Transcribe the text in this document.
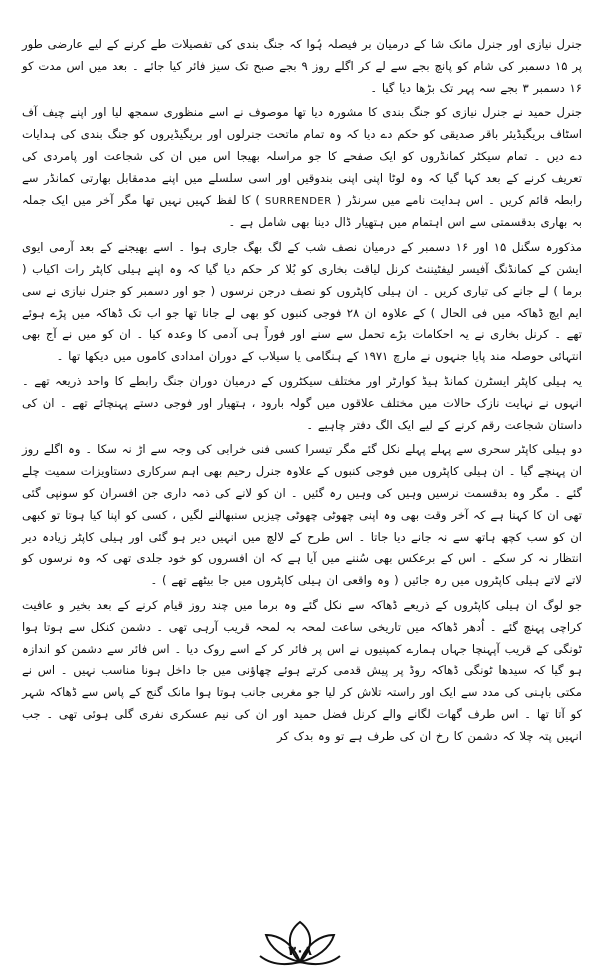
جنرل نیازی اور جنرل مانک شا کے درمیان بر فیصلہ ہُوا کہ جنگ بندی کی تفصیلات طے کرنے کے لیے عارضی طور پر ۱۵ دسمبر کی شام کو پانچ بجے سے لے کر اگلے روز ۹ بجے صبح تک سیز فائر کیا جائے ۔ بعد میں اس مدت کو ۱۶ دسمبر ۳ بجے سہ پہر تک بڑھا دیا گیا ۔

جنرل حمید نے جنرل نیازی کو جنگ بندی کا مشورہ دیا تھا موصوف نے اسے منظوری سمجھ لیا اور اپنے چیف آف اسٹاف بریگیڈیئر باقر صدیقی کو حکم دے دیا کہ وہ تمام ماتحت جنرلوں اور بریگیڈیروں کو جنگ بندی کی ہدایات دے دیں ۔ تمام سیکٹر کمانڈروں کو ایک صفحے کا جو مراسلہ بھیجا اس میں ان کی شجاعت اور پامردی کی تعریف کرنے کے بعد کہا گیا کہ وہ لوٹا اپنی اپنی بندوقیں اور اسی سلسلے میں اپنے مدمقابل بھارتی کمانڈر سے رابطہ قائم کریں ۔ اس ہدایت نامے میں سرنڈر ( SURRENDER ) کا لفظ کہیں نہیں تھا مگر آخر میں ایک جملہ بہ بھاری بدقسمتی سے اس اہتمام میں ہتھیار ڈال دینا بھی شامل ہے ۔

مذکورہ سگنل ۱۵ اور ۱۶ دسمبر کے درمیان نصف شب کے لگ بھگ جاری ہوا ۔ اسے بھیجنے کے بعد آرمی ایوی ایشن کے کمانڈنگ آفیسر لیفٹیننٹ کرنل لیاقت بخاری کو بُلا کر حکم دیا گیا کہ وہ اپنے ہیلی کاپٹر رات اکیاب ( برما ) لے جانے کی تیاری کریں ۔ ان ہیلی کاپٹروں کو نصف درجن نرسوں ( جو اور دسمبر کو جنرل نیازی نے سی ایم ایچ ڈھاکہ میں فی الحال ) کے علاوہ ان ۲۸ فوجی کنبوں کو بھی لے جانا تھا جو اب تک ڈھاکہ میں پڑے ہوئے تھے ۔ کرنل بخاری نے یہ احکامات بڑے تحمل سے سنے اور فوراً ہی آدمی کا وعدہ کیا ۔ ان کو میں نے آج بھی انتہائی حوصلہ مند پایا جنہوں نے مارچ ۱۹۷۱ کے ہنگامی یا سیلاب کے دوران امدادی کاموں میں دیکھا تھا ۔

یہ ہیلی کاپٹر ایسٹرن کمانڈ ہیڈ کوارٹر اور مختلف سیکٹروں کے درمیان دوران جنگ رابطے کا واحد ذریعہ تھے ۔ انہوں نے نہایت نازک حالات میں مختلف علاقوں میں گولہ بارود ، ہتھیار اور فوجی دستے پہنچائے تھے ۔ ان کی داستان شجاعت رقم کرنے کے لیے ایک الگ دفتر چاہیے ۔

دو ہیلی کاپٹر سحری سے پہلے پہلے نکل گئے مگر تیسرا کسی فنی خرابی کی وجہ سے اڑ نہ سکا ۔ وہ اگلے روز ان پہنچے گیا ۔ ان ہیلی کاپٹروں میں فوجی کنبوں کے علاوہ جنرل رحیم بھی اہم سرکاری دستاویزات سمیت چلے گئے ۔ مگر وہ بدقسمت نرسیں وہیں کی وہیں رہ گئیں ۔ ان کو لانے کی ذمہ داری جن افسران کو سونپی گئی تھی ان کا کہنا ہے کہ آخر وقت بھی وہ اپنی چھوٹی چھوٹی چیزیں سنبھالنے لگیں ، کسی کو اپنا کیا ہوتا تو کبھی ان کو سب کچھ ہاتھ سے نہ جانے دیا جاتا ۔ اس طرح کے لالچ میں انہیں دیر ہو گئی اور ہیلی کاپٹر زیادہ دیر انتظار نہ کر سکے ۔ اس کے برعکس بھی سُننے میں آیا ہے کہ ان افسروں کو خود جلدی تھی کہ وہ نرسوں کو لاتے لاتے ہیلی کاپٹروں میں رہ جائیں ( وہ واقعی ان ہیلی کاپٹروں میں جا بیٹھے تھے ) ۔

جو لوگ ان ہیلی کاپٹروں کے ذریعے ڈھاکہ سے نکل گئے وہ برما میں چند روز قیام کرنے کے بعد بخیر و عافیت کراچی پہنچ گئے ۔ اُدھر ڈھاکہ میں تاریخی ساعت لمحہ بہ لمحہ قریب آرہی تھی ۔ دشمن کنکل سے ہوتا ہوا ٹونگی کے قریب آپہنچا جہاں ہمارے کمپنیوں نے اس پر فائر کر کے اسے روک دیا ۔ اس فائر سے دشمن کو اندازہ ہو گیا کہ سیدھا ٹونگی ڈھاکہ روڈ پر پیش قدمی کرتے ہوئے چھاؤنی میں جا داخل ہونا مناسب نہیں ۔ اس نے مکتی باہنی کی مدد سے ایک اور راستہ تلاش کر لیا جو مغربی جانب ہوتا ہوا مانک گنج کے پاس سے ڈھاکہ شہر کو آتا تھا ۔ اس طرف گھات لگانے والے کرنل فضل حمید اور ان کی نیم عسکری نفری گلی ہوئی تھی ۔ جب انہیں پتہ چلا کہ دشمن کا رخ ان کی طرف ہے تو وہ بدک کر

۳۰۸
